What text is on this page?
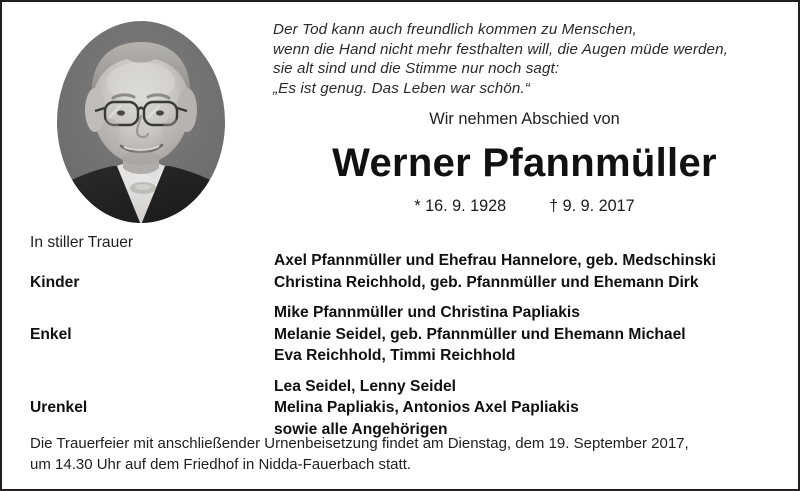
Der Tod kann auch freundlich kommen zu Menschen,
wenn die Hand nicht mehr festhalten will, die Augen müde werden,
sie alt sind und die Stimme nur noch sagt:
„Es ist genug. Das Leben war schön.“
Wir nehmen Abschied von
Werner Pfannmüller
* 16. 9. 1928	† 9. 9. 2017
In stiller Trauer
Kinder
Axel Pfannmüller und Ehefrau Hannelore, geb. Medschinski
Christina Reichhold, geb. Pfannmüller und Ehemann Dirk
Enkel
Mike Pfannmüller und Christina Papliakis
Melanie Seidel, geb. Pfannmüller und Ehemann Michael
Eva Reichhold, Timmi Reichhold
Urenkel
Lea Seidel, Lenny Seidel
Melina Papliakis, Antonios Axel Papliakis
sowie alle Angehörigen
Die Trauerfeier mit anschließender Urnenbeisetzung findet am Dienstag, dem 19. September 2017,
um 14.30 Uhr auf dem Friedhof in Nidda-Fauerbach statt.
